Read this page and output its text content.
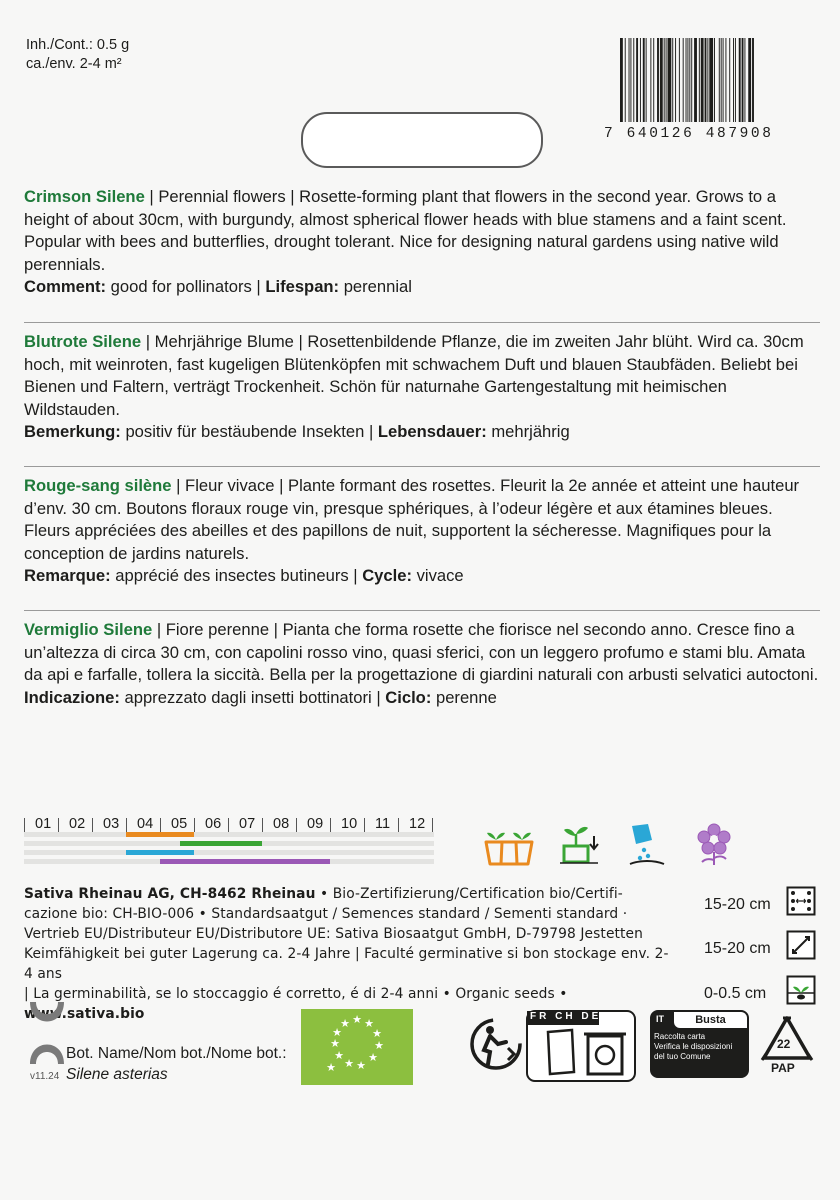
Inh./Cont.: 0.5 g
ca./env. 2-4 m²
7 640126 487908

Crimson Silene | Perennial flowers | Rosette-forming plant that flowers in the second year. Grows to a height of about 30cm, with burgundy, almost spherical flower heads with blue stamens and a faint scent. Popular with bees and butterflies, drought tolerant. Nice for designing natural gardens using native wild perennials.

Comment: good for pollinators | Lifespan: perennial

Blutrote Silene | Mehrjährige Blume | Rosettenbildende Pflanze, die im zweiten Jahr blüht. Wird ca. 30cm hoch, mit weinroten, fast kugeligen Blütenköpfen mit schwachem Duft und blauen Staubfäden. Beliebt bei Bienen und Faltern, verträgt Trockenheit. Schön für naturnahe Gartengestaltung mit heimischen Wildstauden.

Bemerkung: positiv für bestäubende Insekten | Lebensdauer: mehrjährig

Rouge-sang silène | Fleur vivace | Plante formant des rosettes. Fleurit la 2e année et atteint une hauteur d’env. 30 cm. Boutons floraux rouge vin, presque sphériques, à l’odeur légère et aux étamines bleues. Fleurs appréciées des abeilles et des papillons de nuit, supportent la sécheresse. Magnifiques pour la conception de jardins naturels.

Remarque: apprécié des insectes butineurs | Cycle: vivace

Vermiglio Silene | Fiore perenne | Pianta che forma rosette che fiorisce nel secondo anno. Cresce fino a un’altezza di circa 30 cm, con capolini rosso vino, quasi sferici, con un leggero profumo e stami blu. Amata da api e farfalle, tollera la siccità. Bella per la progettazione di giardini naturali con arbusti selvatici autoctoni.

Indicazione: apprezzato dagli insetti bottinatori | Ciclo: perenne

01 02 03 04 05 06 07 08 09 10 11 12

Sativa Rheinau AG, CH-8462 Rheinau • Bio-Zertifizierung/Certification bio/Certifi-

cazione bio: CH-BIO-006 • Standardsaatgut / Semences standard / Sementi standard ·

Vertrieb EU/Distributeur EU/Distributore UE: Sativa Biosaatgut GmbH, D-79798 Jestetten

Keimfähigkeit bei guter Lagerung ca. 2-4 Jahre | Faculté germinative si bon stockage env. 2-4 ans

| La germinabilità, se lo stoccaggio é corretto, é di 2-4 anni • Organic seeds • www.sativa.bio

15-20 cm
15-20 cm
0-0.5 cm
Bot. Name/Nom bot./Nome bot.:
Silene asterias
v11.24
★ ★ ★
★
★
★
★
★
★
★
★
★
FR CH DE	IT	Busta
Raccolta carta
Verifica le disposizioni
del tuo Comune
22
PAP
